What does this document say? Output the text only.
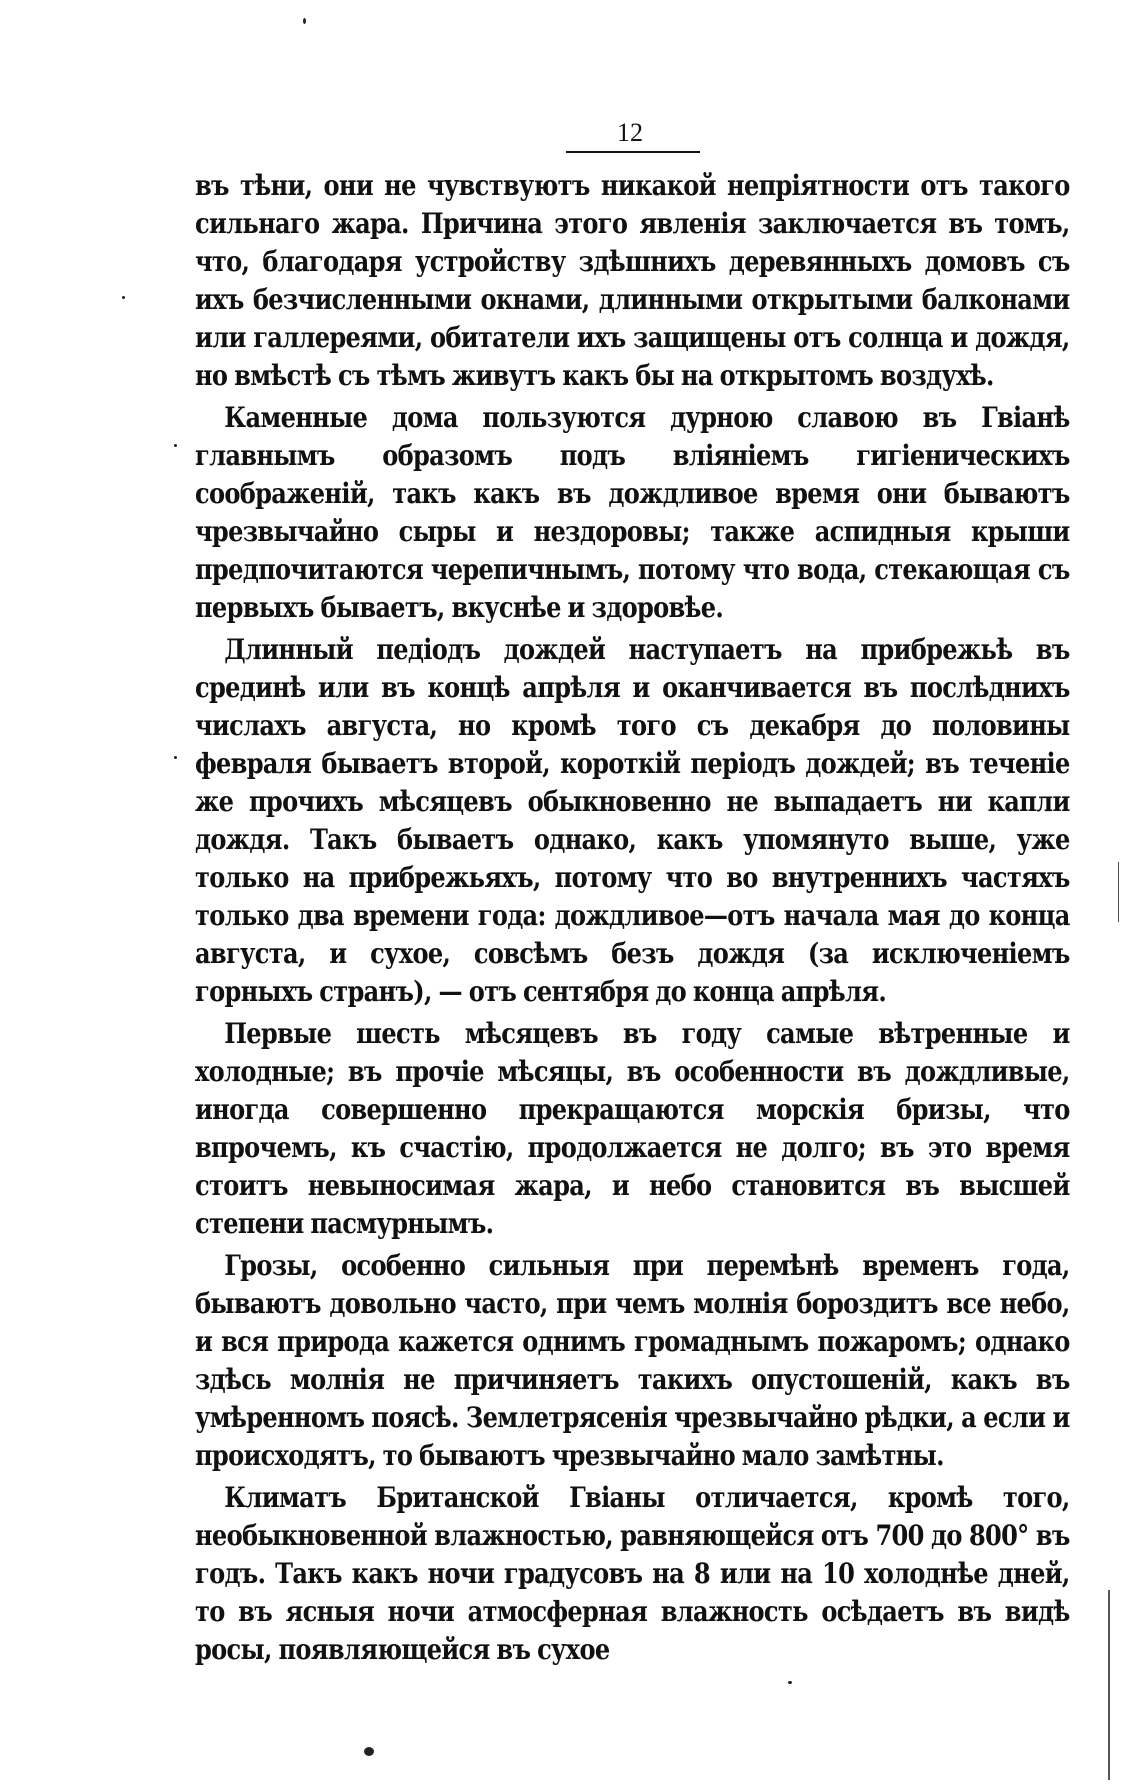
12

въ тѣни, они не чувствуютъ никакой непріятности отъ такого сильнаго жара. Причина этого явленія заключается въ томъ, что, благодаря устройству здѣшнихъ деревянныхъ домовъ съ ихъ безчисленными окнами, длинными открытыми балконами или галлереями, обитатели ихъ защищены отъ солнца и дождя, но вмѣстѣ съ тѣмъ живутъ какъ бы на открытомъ воздухѣ.

Каменные дома пользуются дурною славою въ Гвіанѣ главнымъ образомъ подъ вліяніемъ гигіеническихъ соображеній, такъ какъ въ дождливое время они бываютъ чрезвычайно сыры и нездоровы; также аспидныя крыши предпочитаются черепичнымъ, потому что вода, стекающая съ первыхъ бываетъ, вкуснѣе и здоровѣе.

Длинный педіодъ дождей наступаетъ на прибрежьѣ въ срединѣ или въ концѣ апрѣля и оканчивается въ послѣднихъ числахъ августа, но кромѣ того съ декабря до половины февраля бываетъ второй, короткій періодъ дождей; въ теченіе же прочихъ мѣсяцевъ обыкновенно не выпадаетъ ни капли дождя. Такъ бываетъ однако, какъ упомянуто выше, уже только на прибрежьяхъ, потому что во внутреннихъ частяхъ только два времени года: дождливое—отъ начала мая до конца августа, и сухое, совсѣмъ безъ дождя (за исключеніемъ горныхъ странъ), — отъ сентября до конца апрѣля.

Первые шесть мѣсяцевъ въ году самые вѣтренные и холодные; въ прочіе мѣсяцы, въ особенности въ дождливые, иногда совершенно прекращаются морскія бризы, что впрочемъ, къ счастію, продолжается не долго; въ это время стоитъ невыносимая жара, и небо становится въ высшей степени пасмурнымъ.

Грозы, особенно сильныя при перемѣнѣ временъ года, бываютъ довольно часто, при чемъ молнія бороздитъ все небо, и вся природа кажется однимъ громаднымъ пожаромъ; однако здѣсь молнія не причиняетъ такихъ опустошеній, какъ въ умѣренномъ поясѣ. Землетрясенія чрезвычайно рѣдки, а если и происходятъ, то бываютъ чрезвычайно мало замѣтны.

Климатъ Британской Гвіаны отличается, кромѣ того, необыкновенной влажностью, равняющейся отъ 700 до 800° въ годъ. Такъ какъ ночи градусовъ на 8 или на 10 холоднѣе дней, то въ ясныя ночи атмосферная влажность осѣдаетъ въ видѣ росы, появляющейся въ сухое
